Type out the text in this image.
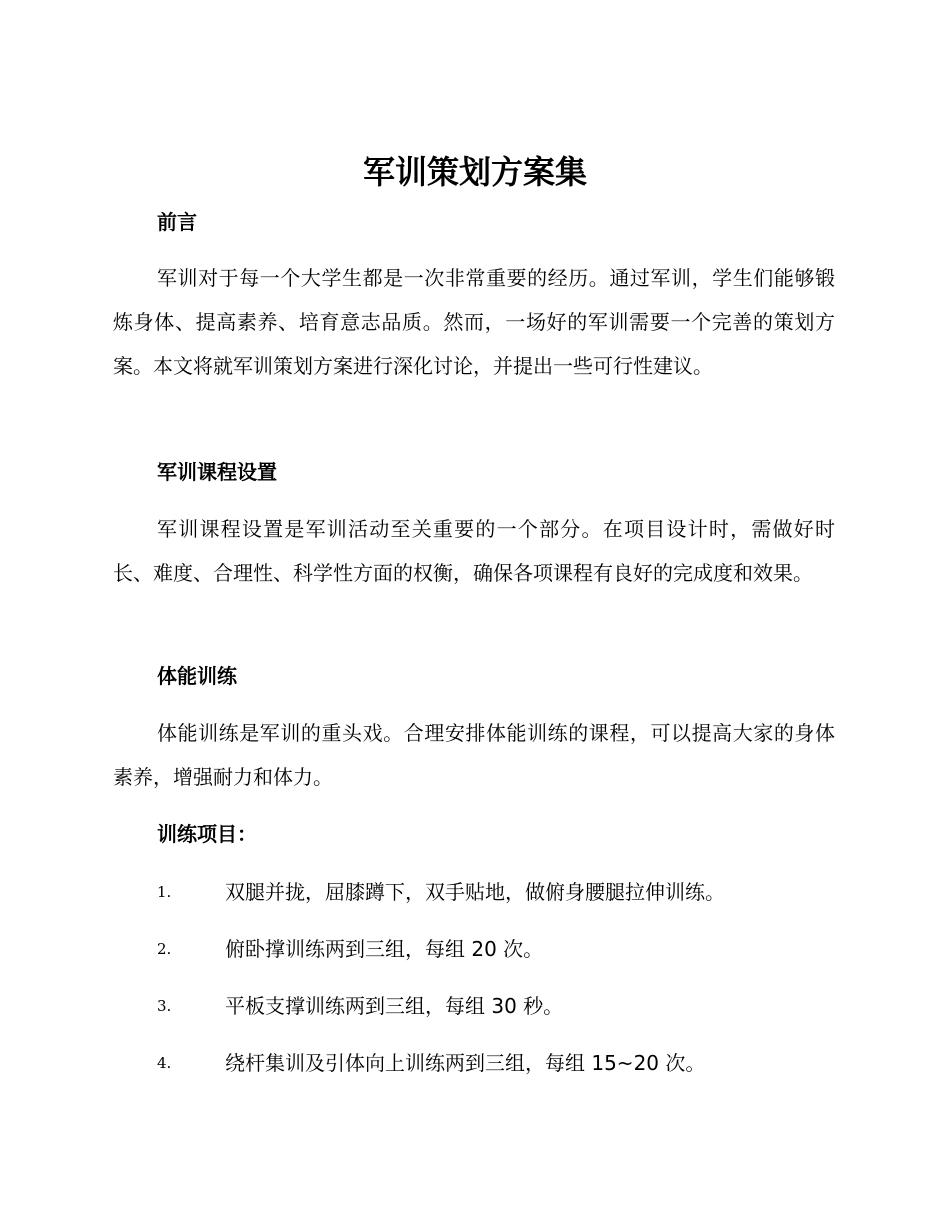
军训策划方案集
前言

军训对于每一个大学生都是一次非常重要的经历。通过军训，学生们能够锻炼身体、提高素养、培育意志品质。然而，一场好的军训需要一个完善的策划方案。本文将就军训策划方案进行深化讨论，并提出一些可行性建议。

军训课程设置

军训课程设置是军训活动至关重要的一个部分。在项目设计时，需做好时长、难度、合理性、科学性方面的权衡，确保各项课程有良好的完成度和效果。

体能训练

体能训练是军训的重头戏。合理安排体能训练的课程，可以提高大家的身体素养，增强耐力和体力。

训练项目：
1.	双腿并拢，屈膝蹲下，双手贴地，做俯身腰腿拉伸训练。
2.	俯卧撑训练两到三组，每组 20 次。
3.	平板支撑训练两到三组，每组 30 秒。
4.	绕杆集训及引体向上训练两到三组，每组 15~20 次。
